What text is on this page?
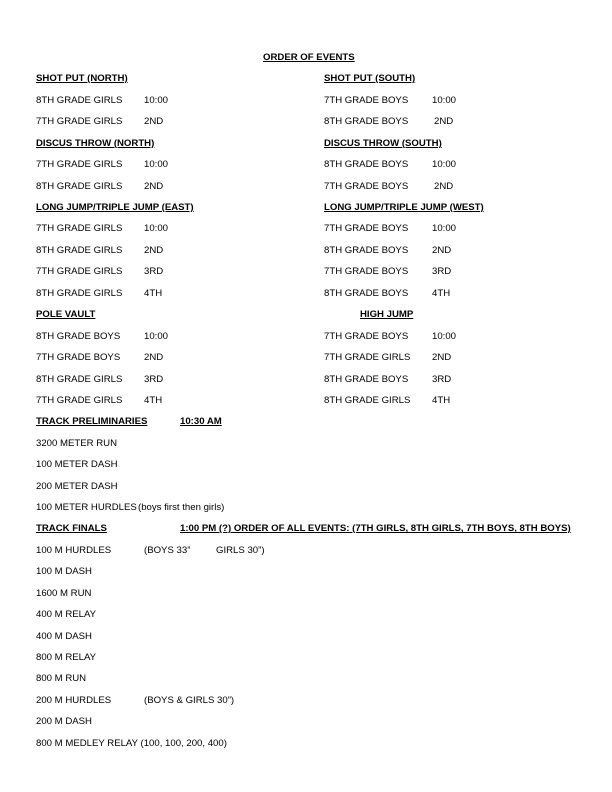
ORDER OF EVENTS
SHOT PUT (NORTH)
8TH GRADE GIRLS 10:00
7TH GRADE GIRLS 2ND
DISCUS THROW (NORTH)
7TH GRADE GIRLS 10:00
8TH GRADE GIRLS 2ND
LONG JUMP/TRIPLE JUMP (EAST)
7TH GRADE GIRLS 10:00
8TH GRADE GIRLS 2ND
7TH GRADE GIRLS 3RD
8TH GRADE GIRLS 4TH
POLE VAULT
8TH GRADE BOYS 10:00
7TH GRADE BOYS 2ND
8TH GRADE GIRLS 3RD
7TH GRADE GIRLS 4TH
SHOT PUT (SOUTH)
7TH GRADE BOYS 10:00
8TH GRADE BOYS	2ND
DISCUS THROW (SOUTH)
8TH GRADE BOYS 10:00
7TH GRADE BOYS	2ND
LONG JUMP/TRIPLE JUMP (WEST)
7TH GRADE BOYS 10:00
8TH GRADE BOYS 2ND
7TH GRADE BOYS 3RD
8TH GRADE BOYS 4TH
HIGH JUMP
7TH GRADE BOYS 10:00
7TH GRADE GIRLS 2ND
8TH GRADE BOYS 3RD
8TH GRADE GIRLS 4TH
TRACK PRELIMINARIES	10:30 AM
3200 METER RUN
100 METER DASH
200 METER DASH
100 METER HURDLES (boys first then girls)
TRACK FINALS	1:00 PM (?) ORDER OF ALL EVENTS: (7TH GIRLS, 8TH GIRLS, 7TH BOYS, 8TH BOYS)
100 M HURDLES	(BOYS 33”	GIRLS 30”)
100 M DASH
1600 M RUN
400 M RELAY
400 M DASH
800 M RELAY
800 M RUN
200 M HURDLES	(BOYS & GIRLS 30”)
200 M DASH
800 M MEDLEY RELAY (100, 100, 200, 400)
